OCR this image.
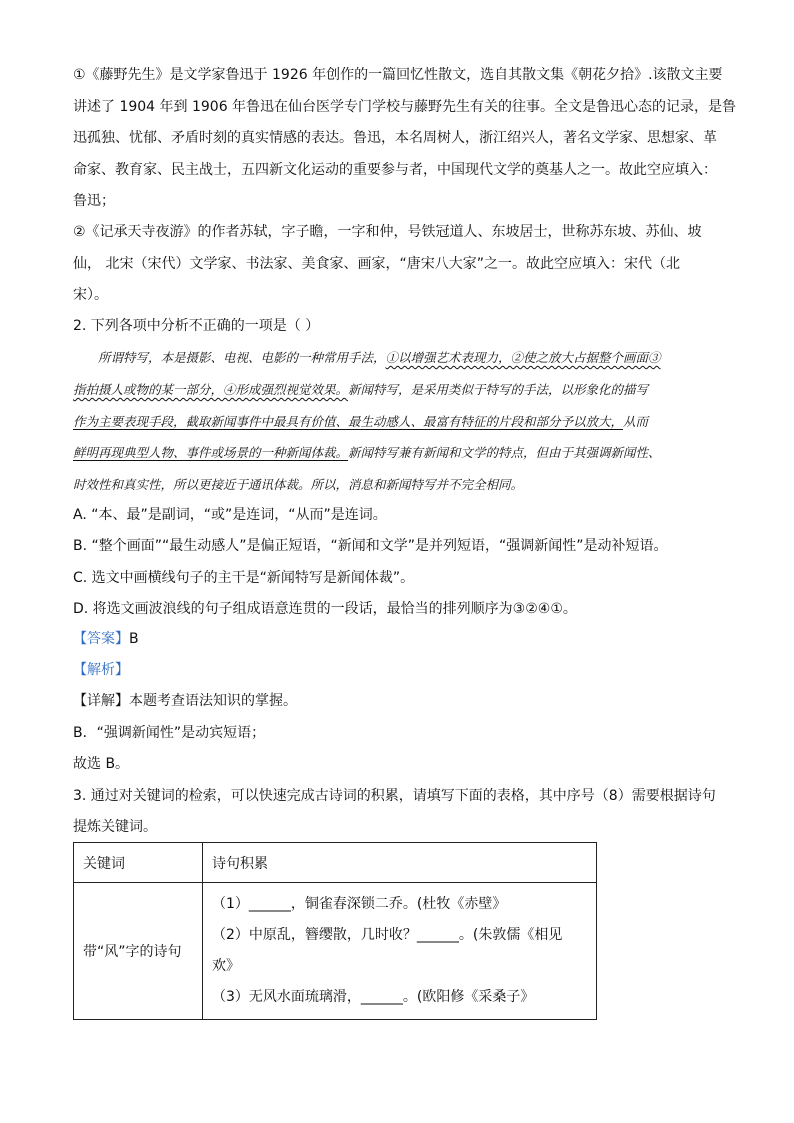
①《藤野先生》是文学家鲁迅于 1926 年创作的一篇回忆性散文，选自其散文集《朝花夕拾》.该散文主要
讲述了 1904 年到 1906 年鲁迅在仙台医学专门学校与藤野先生有关的往事。全文是鲁迅心态的记录，是鲁
迅孤独、忧郁、矛盾时刻的真实情感的表达。鲁迅，本名周树人，浙江绍兴人，著名文学家、思想家、革
命家、教育家、民主战士，五四新文化运动的重要参与者，中国现代文学的奠基人之一。故此空应填入：
鲁迅；
②《记承天寺夜游》的作者苏轼，字子瞻，一字和仲，号铁冠道人、东坡居士，世称苏东坡、苏仙、坡
仙， 北宋（宋代）文学家、书法家、美食家、画家，“唐宋八大家”之一。故此空应填入：宋代（北
宋）。
2. 下列各项中分析不正确的一项是（ ）
所谓特写，本是摄影、电视、电影的一种常用手法，①以增强艺术表现力，②使之放大占据整个画面③
指拍摄人或物的某一部分，④形成强烈视觉效果。新闻特写，是采用类似于特写的手法，以形象化的描写
作为主要表现手段，截取新闻事件中最具有价值、最生动感人、最富有特征的片段和部分予以放大，从而
鲜明再现典型人物、事件或场景的一种新闻体裁。新闻特写兼有新闻和文学的特点，但由于其强调新闻性、
时效性和真实性，所以更接近于通讯体裁。所以，消息和新闻特写并不完全相同。
A. “本、最”是副词，“或”是连词，“从而”是连词。
B. “整个画面”“最生动感人”是偏正短语，“新闻和文学”是并列短语，“强调新闻性”是动补短语。
C. 选文中画横线句子的主干是“新闻特写是新闻体裁”。
D. 将选文画波浪线的句子组成语意连贯的一段话，最恰当的排列顺序为③②④①。
【答案】B
【解析】
【详解】本题考查语法知识的掌握。
B．“强调新闻性”是动宾短语；
故选 B。
3. 通过对关键词的检索，可以快速完成古诗词的积累，请填写下面的表格，其中序号（8）需要根据诗句
提炼关键词。
关键词	诗句积累
带“风”字的诗句	（1）______，铜雀春深锁二乔。(杜牧《赤壁》
（2）中原乱，簪缨散，几时收？______。(朱敦儒《相见
欢》
（3）无风水面琉璃滑，______。(欧阳修《采桑子》
